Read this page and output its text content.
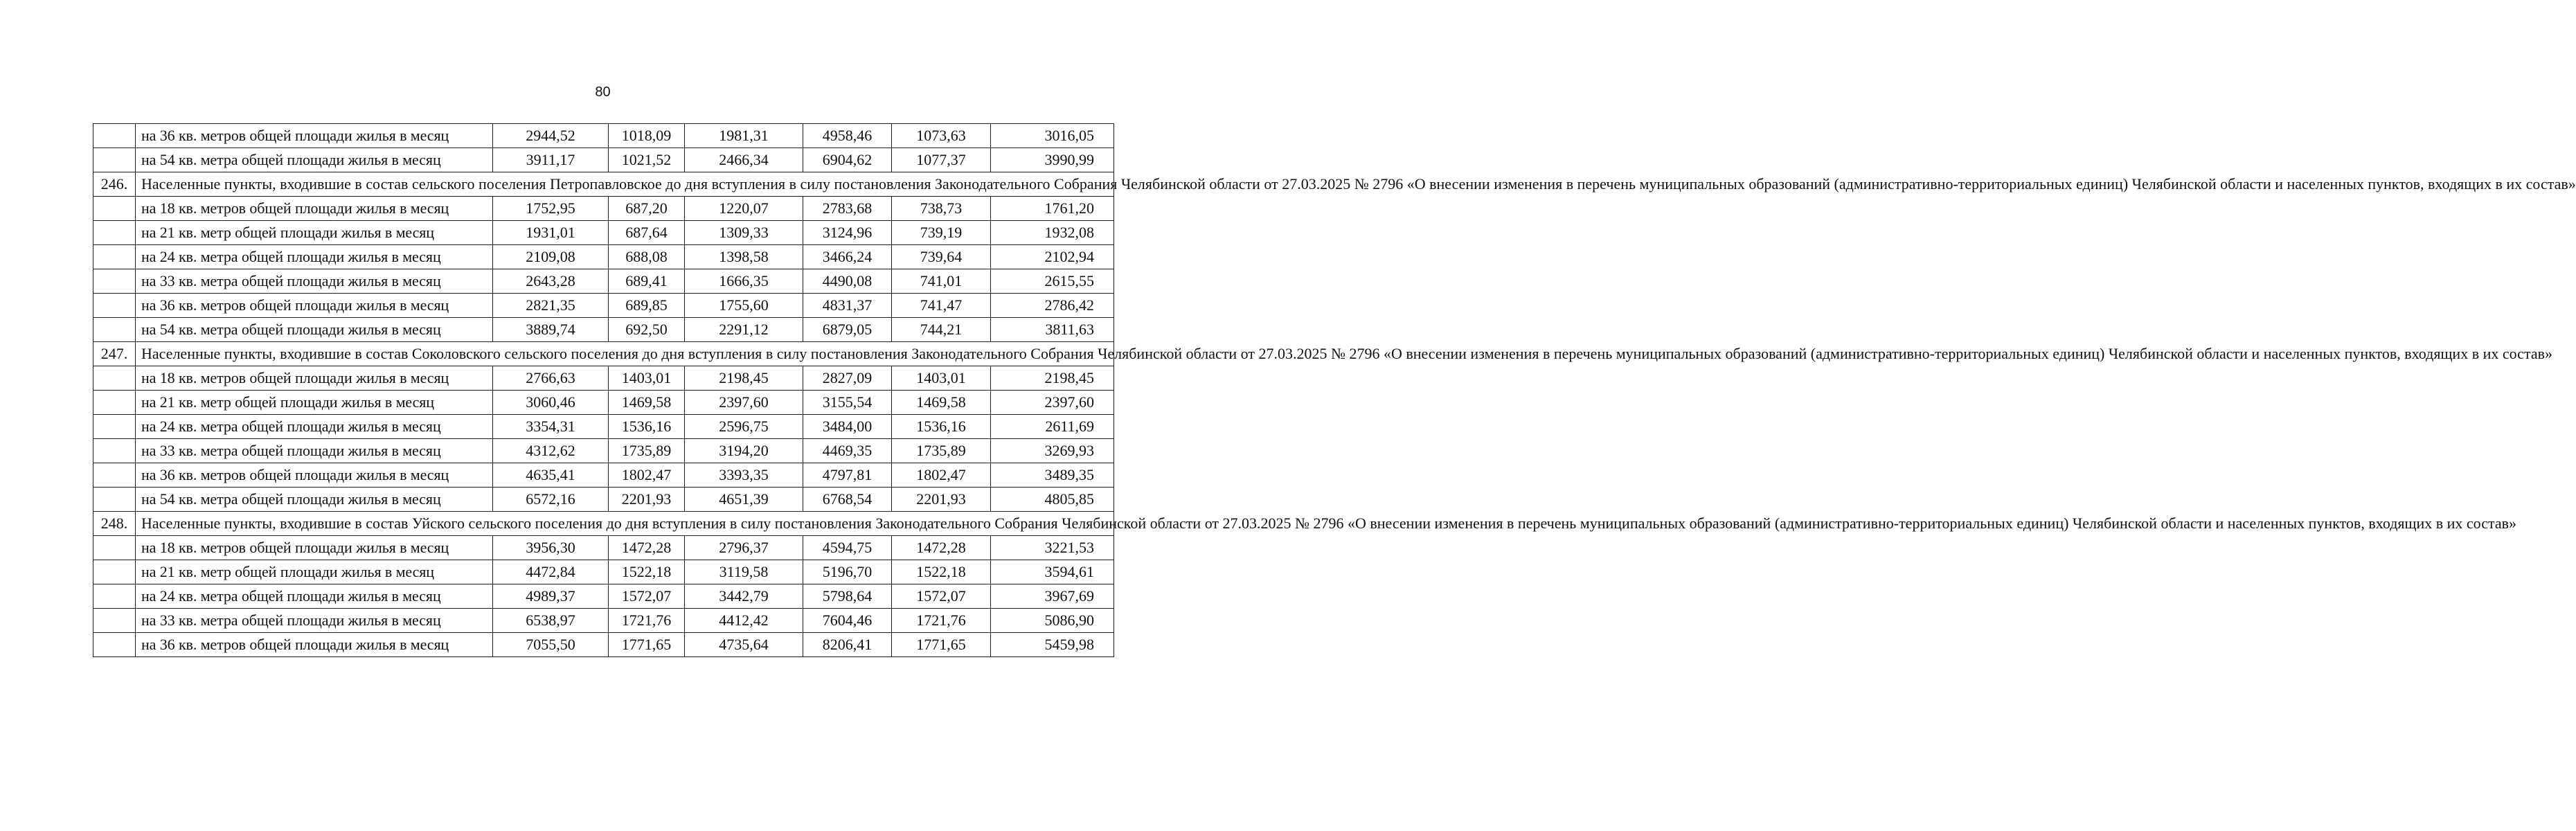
80
	на 36 кв. метров общей площади жилья в месяц	2944,52	1018,09	1981,31	4958,46	1073,63	3016,05
	на 54 кв. метра общей площади жилья в месяц	3911,17	1021,52	2466,34	6904,62	1077,37	3990,99
246.	Населенные пункты, входившие в состав сельского поселения Петропавловское до дня вступления в силу постановления Законодательного Собрания Челябинской области от 27.03.2025 № 2796 «О внесении изменения в перечень муниципальных образований (административно-территориальных единиц) Челябинской области и населенных пунктов, входящих в их состав»						
	на 18 кв. метров общей площади жилья в месяц	1752,95	687,20	1220,07	2783,68	738,73	1761,20
	на 21 кв. метр общей площади жилья в месяц	1931,01	687,64	1309,33	3124,96	739,19	1932,08
	на 24 кв. метра общей площади жилья в месяц	2109,08	688,08	1398,58	3466,24	739,64	2102,94
	на 33 кв. метра общей площади жилья в месяц	2643,28	689,41	1666,35	4490,08	741,01	2615,55
	на 36 кв. метров общей площади жилья в месяц	2821,35	689,85	1755,60	4831,37	741,47	2786,42
	на 54 кв. метра общей площади жилья в месяц	3889,74	692,50	2291,12	6879,05	744,21	3811,63
247.	Населенные пункты, входившие в состав Соколовского сельского поселения до дня вступления в силу постановления Законодательного Собрания Челябинской области от 27.03.2025 № 2796 «О внесении изменения в перечень муниципальных образований (административно-территориальных единиц) Челябинской области и населенных пунктов, входящих в их состав»						
	на 18 кв. метров общей площади жилья в месяц	2766,63	1403,01	2198,45	2827,09	1403,01	2198,45
	на 21 кв. метр общей площади жилья в месяц	3060,46	1469,58	2397,60	3155,54	1469,58	2397,60
	на 24 кв. метра общей площади жилья в месяц	3354,31	1536,16	2596,75	3484,00	1536,16	2611,69
	на 33 кв. метра общей площади жилья в месяц	4312,62	1735,89	3194,20	4469,35	1735,89	3269,93
	на 36 кв. метров общей площади жилья в месяц	4635,41	1802,47	3393,35	4797,81	1802,47	3489,35
	на 54 кв. метра общей площади жилья в месяц	6572,16	2201,93	4651,39	6768,54	2201,93	4805,85
248.	Населенные пункты, входившие в состав Уйского сельского поселения до дня вступления в силу постановления Законодательного Собрания Челябинской области от 27.03.2025 № 2796 «О внесении изменения в перечень муниципальных образований (административно-территориальных единиц) Челябинской области и населенных пунктов, входящих в их состав»						
	на 18 кв. метров общей площади жилья в месяц	3956,30	1472,28	2796,37	4594,75	1472,28	3221,53
	на 21 кв. метр общей площади жилья в месяц	4472,84	1522,18	3119,58	5196,70	1522,18	3594,61
	на 24 кв. метра общей площади жилья в месяц	4989,37	1572,07	3442,79	5798,64	1572,07	3967,69
	на 33 кв. метра общей площади жилья в месяц	6538,97	1721,76	4412,42	7604,46	1721,76	5086,90
	на 36 кв. метров общей площади жилья в месяц	7055,50	1771,65	4735,64	8206,41	1771,65	5459,98
